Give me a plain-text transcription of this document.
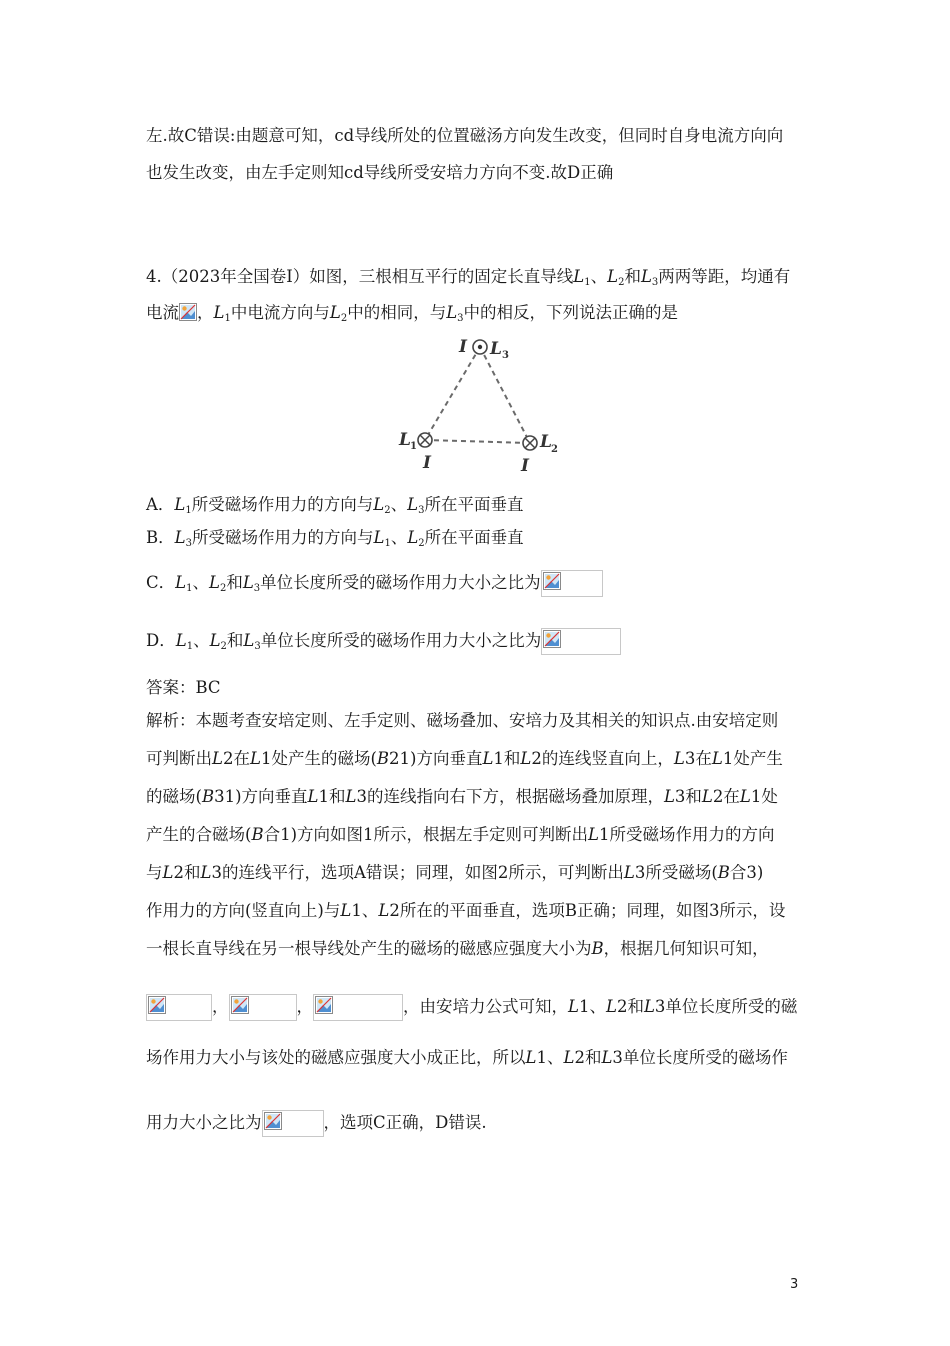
左.故C错误:由题意可知，cd导线所处的位置磁汤方向发生改变，但同时自身电流方向向
也发生改变，由左手定则知cd导线所受安培力方向不变.故D正确
4.（2023年全国卷Ⅰ）如图，三根相互平行的固定长直导线$L_1$、$L_2$和$L_3$两两等距，均通有
电流 ，$L_1$中电流方向与$L_2$中的相同，与$L_3$中的相反，下列说法正确的是
I L 3
L 1
I
L 2
I
A．$L_1$所受磁场作用力的方向与$L_2$、$L_3$所在平面垂直
B．$L_3$所受磁场作用力的方向与$L_1$、$L_2$所在平面垂直
C．$L_1$、$L_2$和$L_3$单位长度所受的磁场作用力大小之比为
D．$L_1$、$L_2$和$L_3$单位长度所受的磁场作用力大小之比为
答案：BC
解析：本题考查安培定则、左手定则、磁场叠加、安培力及其相关的知识点.由安培定则
可判断出L2在L1处产生的磁场(B21)方向垂直L1和L2的连线竖直向上，L3在L1处产生
的磁场(B31)方向垂直L1和L3的连线指向右下方，根据磁场叠加原理，L3和L2在L1处
产生的合磁场(B合1)方向如图1所示，根据左手定则可判断出L1所受磁场作用力的方向
与L2和L3的连线平行，选项A错误；同理，如图2所示，可判断出L3所受磁场(B合3)
作用力的方向(竖直向上)与L1、L2所在的平面垂直，选项B正确；同理，如图3所示，设
一根长直导线在另一根导线处产生的磁场的磁感应强度大小为B，根据几何知识可知，
，	，	，由安培力公式可知，L1、L2和L3单位长度所受的磁
场作用力大小与该处的磁感应强度大小成正比，所以L1、L2和L3单位长度所受的磁场作
用力大小之比为	，选项C正确，D错误.
3
